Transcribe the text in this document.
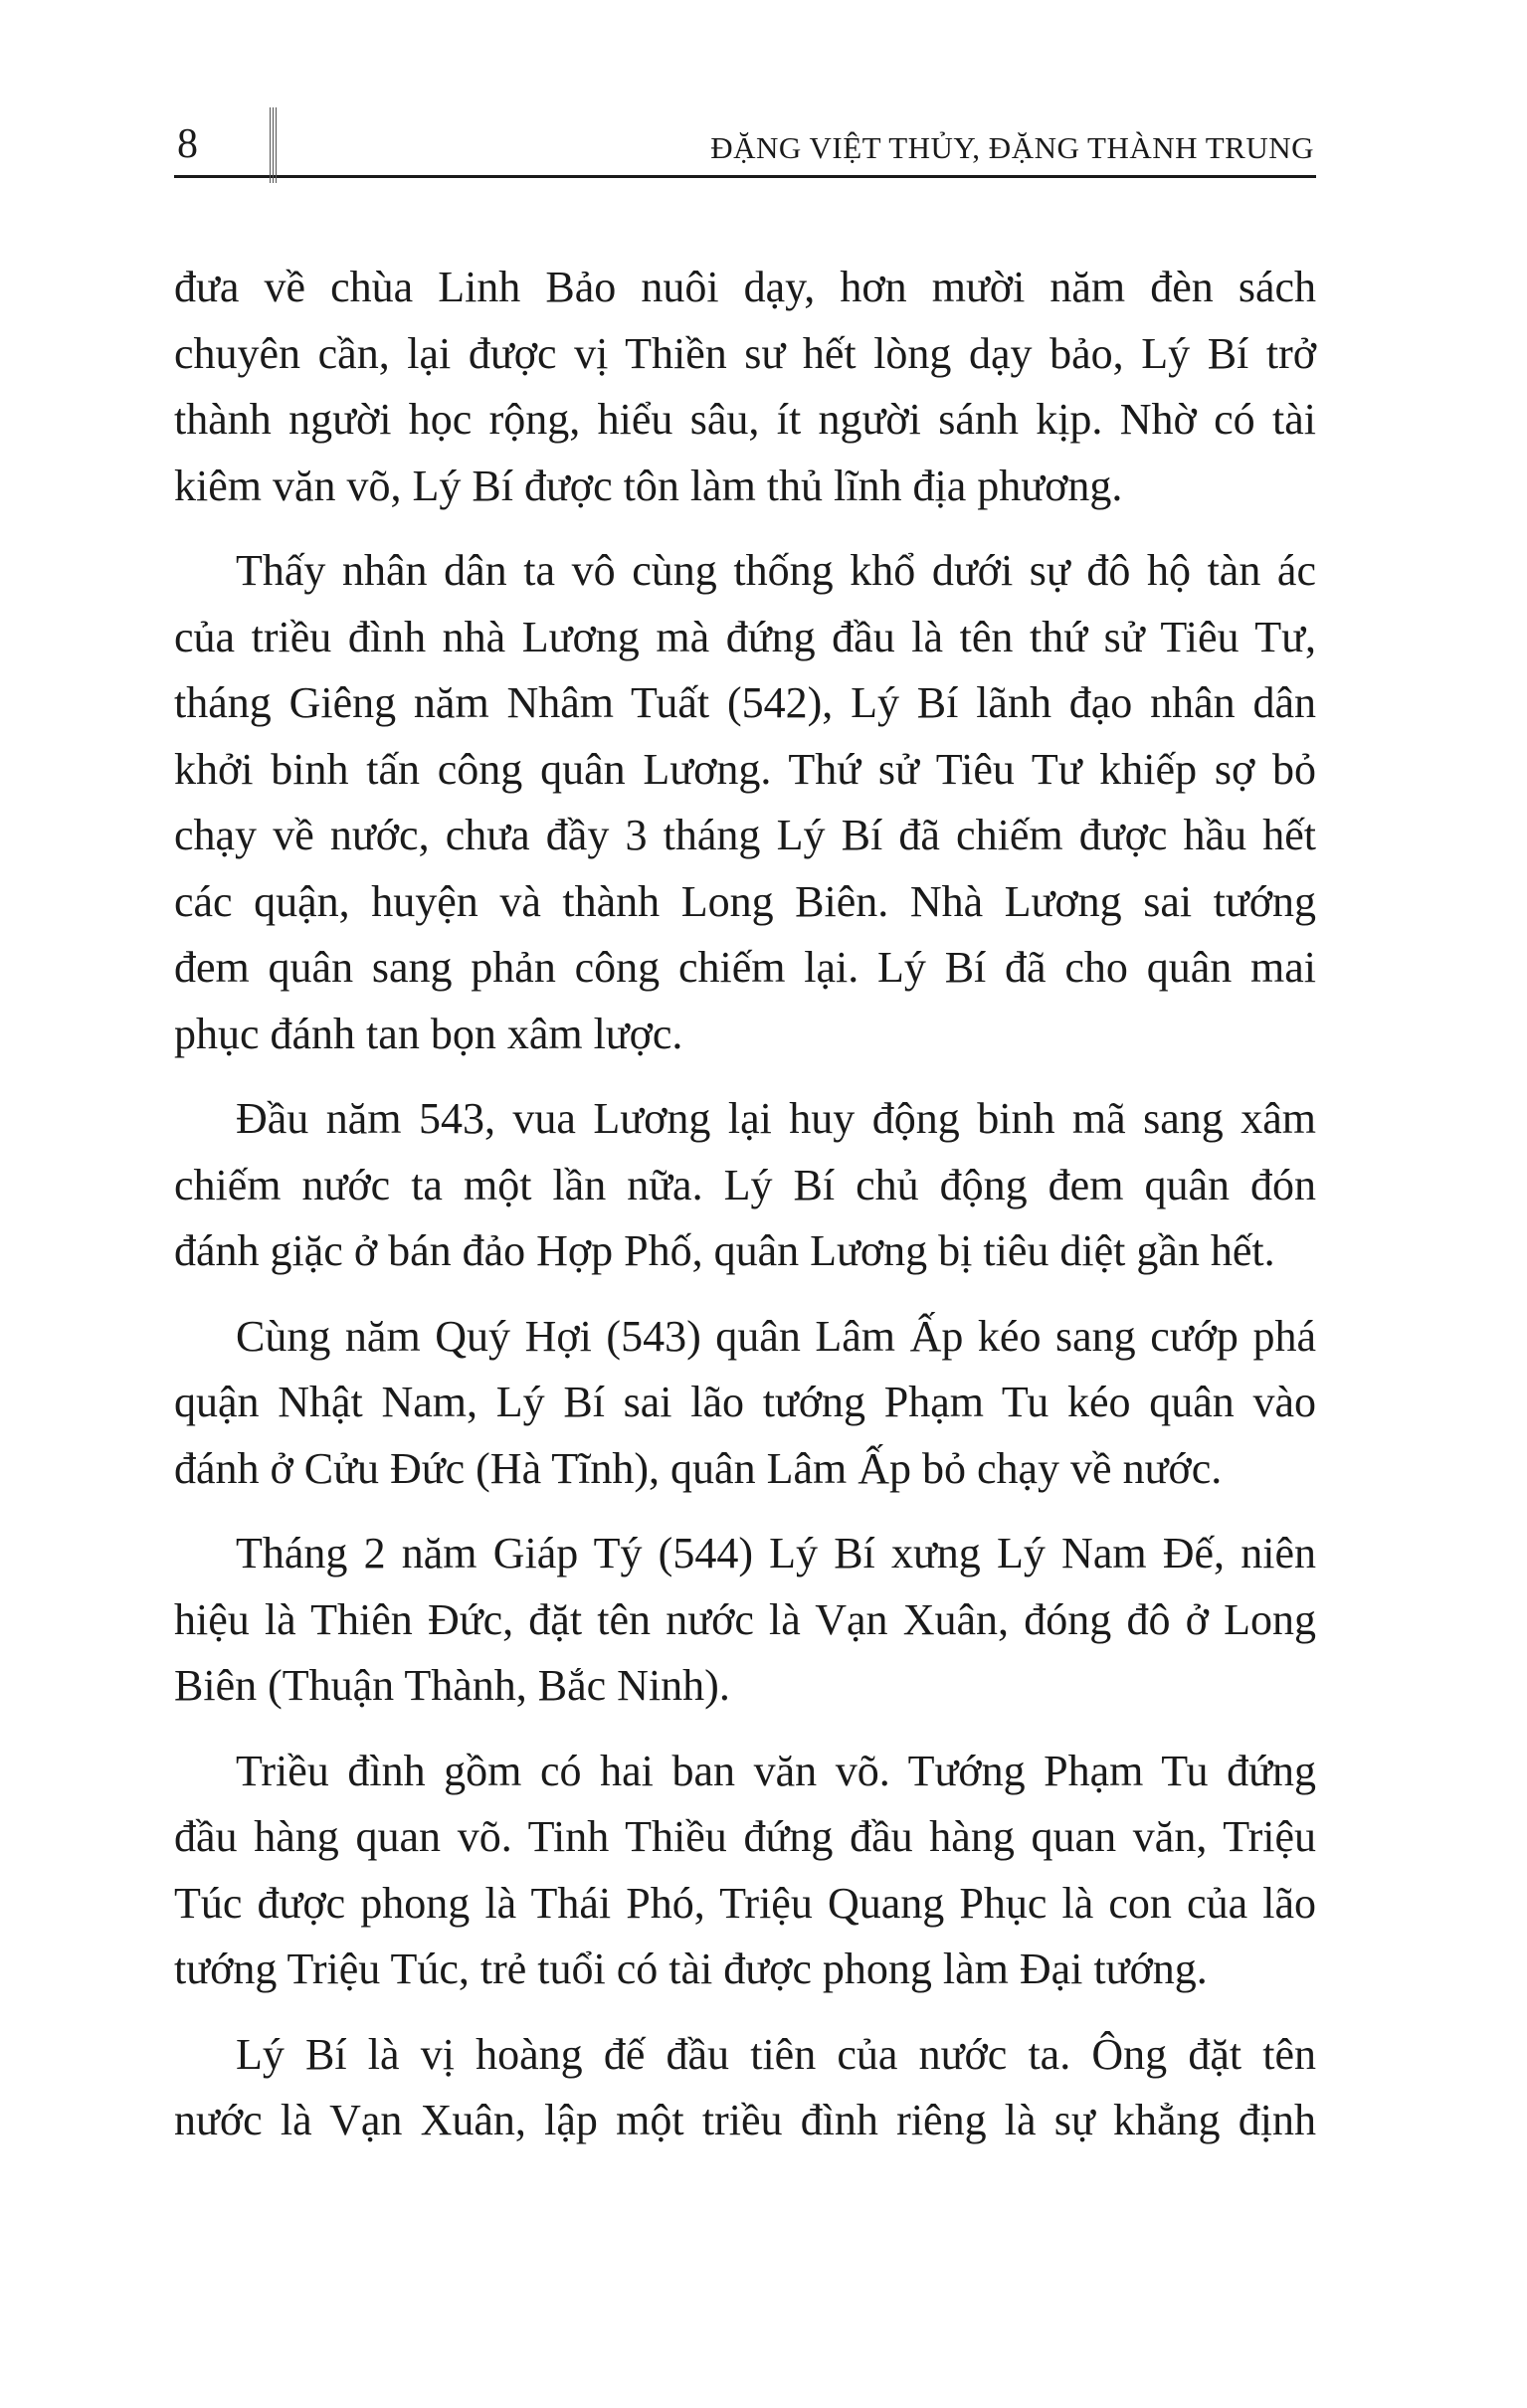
8	ĐẶNG VIỆT THỦY, ĐẶNG THÀNH TRUNG
đưa về chùa Linh Bảo nuôi dạy, hơn mười năm đèn sách
chuyên cần, lại được vị Thiền sư hết lòng dạy bảo, Lý Bí trở
thành người học rộng, hiểu sâu, ít người sánh kịp. Nhờ có tài
kiêm văn võ, Lý Bí được tôn làm thủ lĩnh địa phương.
Thấy nhân dân ta vô cùng thống khổ dưới sự đô hộ tàn ác
của triều đình nhà Lương mà đứng đầu là tên thứ sử Tiêu Tư,
tháng Giêng năm Nhâm Tuất (542), Lý Bí lãnh đạo nhân dân
khởi binh tấn công quân Lương. Thứ sử Tiêu Tư khiếp sợ bỏ
chạy về nước, chưa đầy 3 tháng Lý Bí đã chiếm được hầu hết
các quận, huyện và thành Long Biên. Nhà Lương sai tướng
đem quân sang phản công chiếm lại. Lý Bí đã cho quân mai
phục đánh tan bọn xâm lược.
Đầu năm 543, vua Lương lại huy động binh mã sang xâm
chiếm nước ta một lần nữa. Lý Bí chủ động đem quân đón
đánh giặc ở bán đảo Hợp Phố, quân Lương bị tiêu diệt gần hết.
Cùng năm Quý Hợi (543) quân Lâm Ấp kéo sang cướp phá
quận Nhật Nam, Lý Bí sai lão tướng Phạm Tu kéo quân vào
đánh ở Cửu Đức (Hà Tĩnh), quân Lâm Ấp bỏ chạy về nước.
Tháng 2 năm Giáp Tý (544) Lý Bí xưng Lý Nam Đế, niên
hiệu là Thiên Đức, đặt tên nước là Vạn Xuân, đóng đô ở Long
Biên (Thuận Thành, Bắc Ninh).
Triều đình gồm có hai ban văn võ. Tướng Phạm Tu đứng
đầu hàng quan võ. Tinh Thiều đứng đầu hàng quan văn, Triệu
Túc được phong là Thái Phó, Triệu Quang Phục là con của lão
tướng Triệu Túc, trẻ tuổi có tài được phong làm Đại tướng.
Lý Bí là vị hoàng đế đầu tiên của nước ta. Ông đặt tên
nước là Vạn Xuân, lập một triều đình riêng là sự khẳng định
